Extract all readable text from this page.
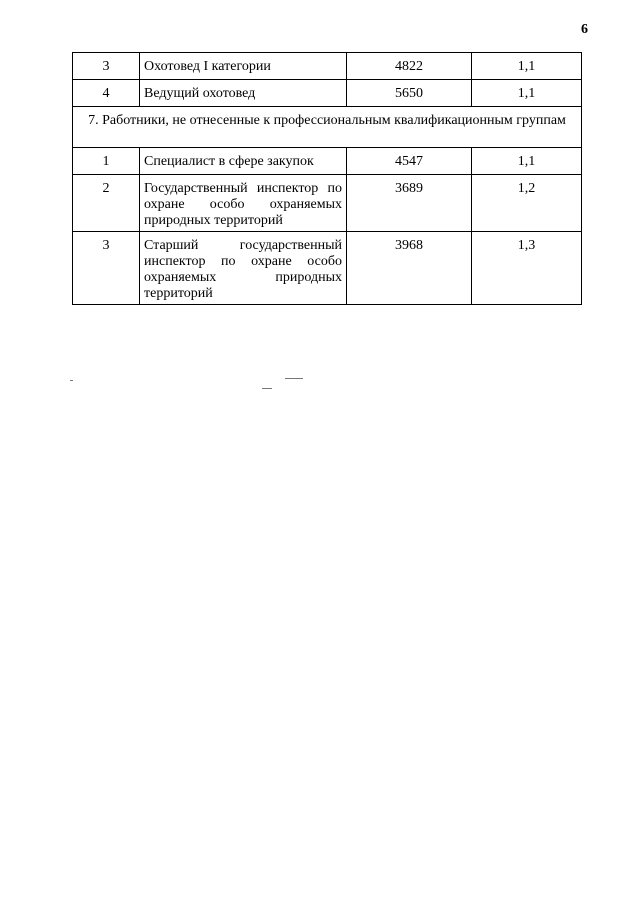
6
3	Охотовед I категории	4822	1,1
4	Ведущий охотовед	5650	1,1
7. Работники, не отнесенные к профессиональным квалификационным группам			
1	Специалист в сфере закупок	4547	1,1
2	Государственный инспектор по охране особо охраняемых природных территорий	3689	1,2
3	Старший государственный инспектор по охране особо охраняемых природных территорий	3968	1,3
